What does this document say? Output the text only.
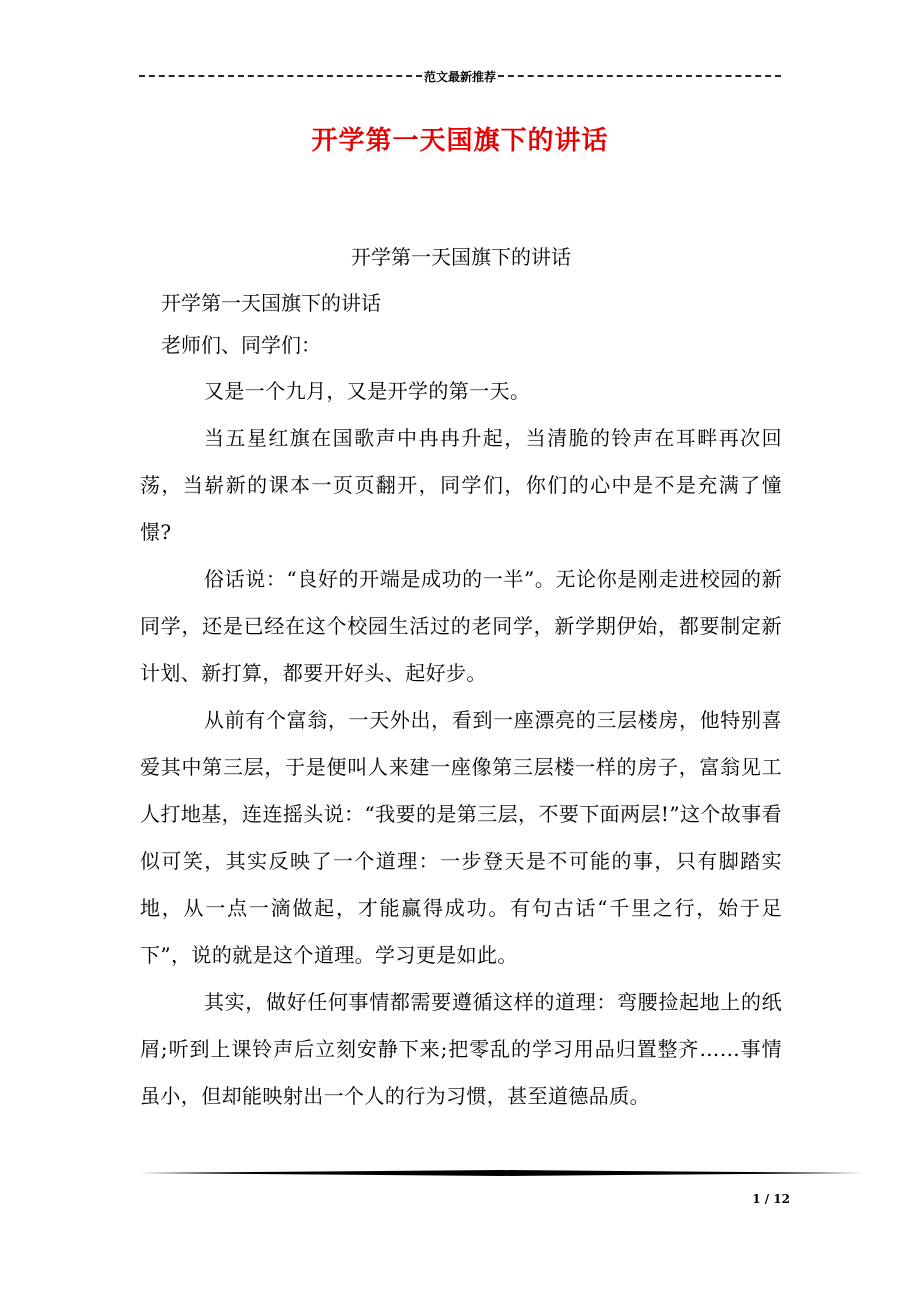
范文最新推荐
开学第一天国旗下的讲话
开学第一天国旗下的讲话
开学第一天国旗下的讲话
老师们、同学们：
又是一个九月，又是开学的第一天。
当五星红旗在国歌声中冉冉升起，当清脆的铃声在耳畔再次回荡，当崭新的课本一页页翻开，同学们，你们的心中是不是充满了憧憬?
俗话说：“良好的开端是成功的一半”。无论你是刚走进校园的新同学，还是已经在这个校园生活过的老同学，新学期伊始，都要制定新计划、新打算，都要开好头、起好步。
从前有个富翁，一天外出，看到一座漂亮的三层楼房，他特别喜爱其中第三层，于是便叫人来建一座像第三层楼一样的房子，富翁见工人打地基，连连摇头说：“我要的是第三层，不要下面两层!”这个故事看似可笑，其实反映了一个道理：一步登天是不可能的事，只有脚踏实地，从一点一滴做起，才能赢得成功。有句古话“千里之行，始于足下”，说的就是这个道理。学习更是如此。
其实，做好任何事情都需要遵循这样的道理：弯腰捡起地上的纸屑;听到上课铃声后立刻安静下来;把零乱的学习用品归置整齐……事情虽小，但却能映射出一个人的行为习惯，甚至道德品质。
1 / 12
